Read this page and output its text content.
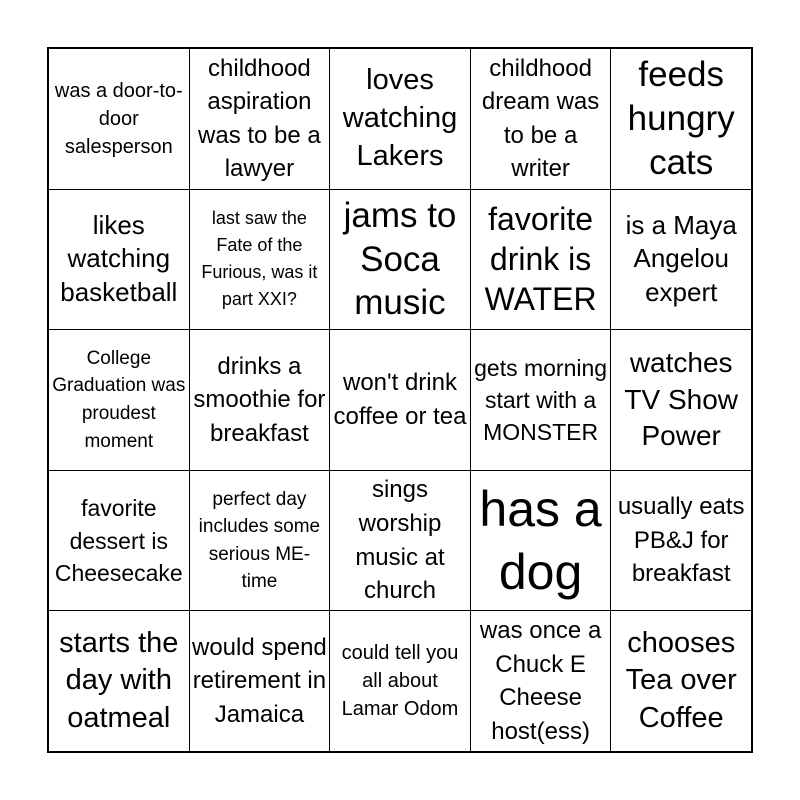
was a door-to-door salesperson
childhood aspiration was to be a lawyer
loves watching Lakers
childhood dream was to be a writer
feeds hungry cats
likes watching basketball
last saw the Fate of the Furious, was it part XXI?
jams to Soca music
favorite drink is WATER
is a Maya Angelou expert
College Graduation was proudest moment
drinks a smoothie for breakfast
won't drink coffee or tea
gets morning start with a MONSTER
watches TV Show Power
favorite dessert is Cheesecake
perfect day includes some serious ME-time
sings worship music at church
has a dog
usually eats PB&J for breakfast
starts the day with oatmeal
would spend retirement in Jamaica
could tell you all about Lamar Odom
was once a Chuck E Cheese host(ess)
chooses Tea over Coffee
